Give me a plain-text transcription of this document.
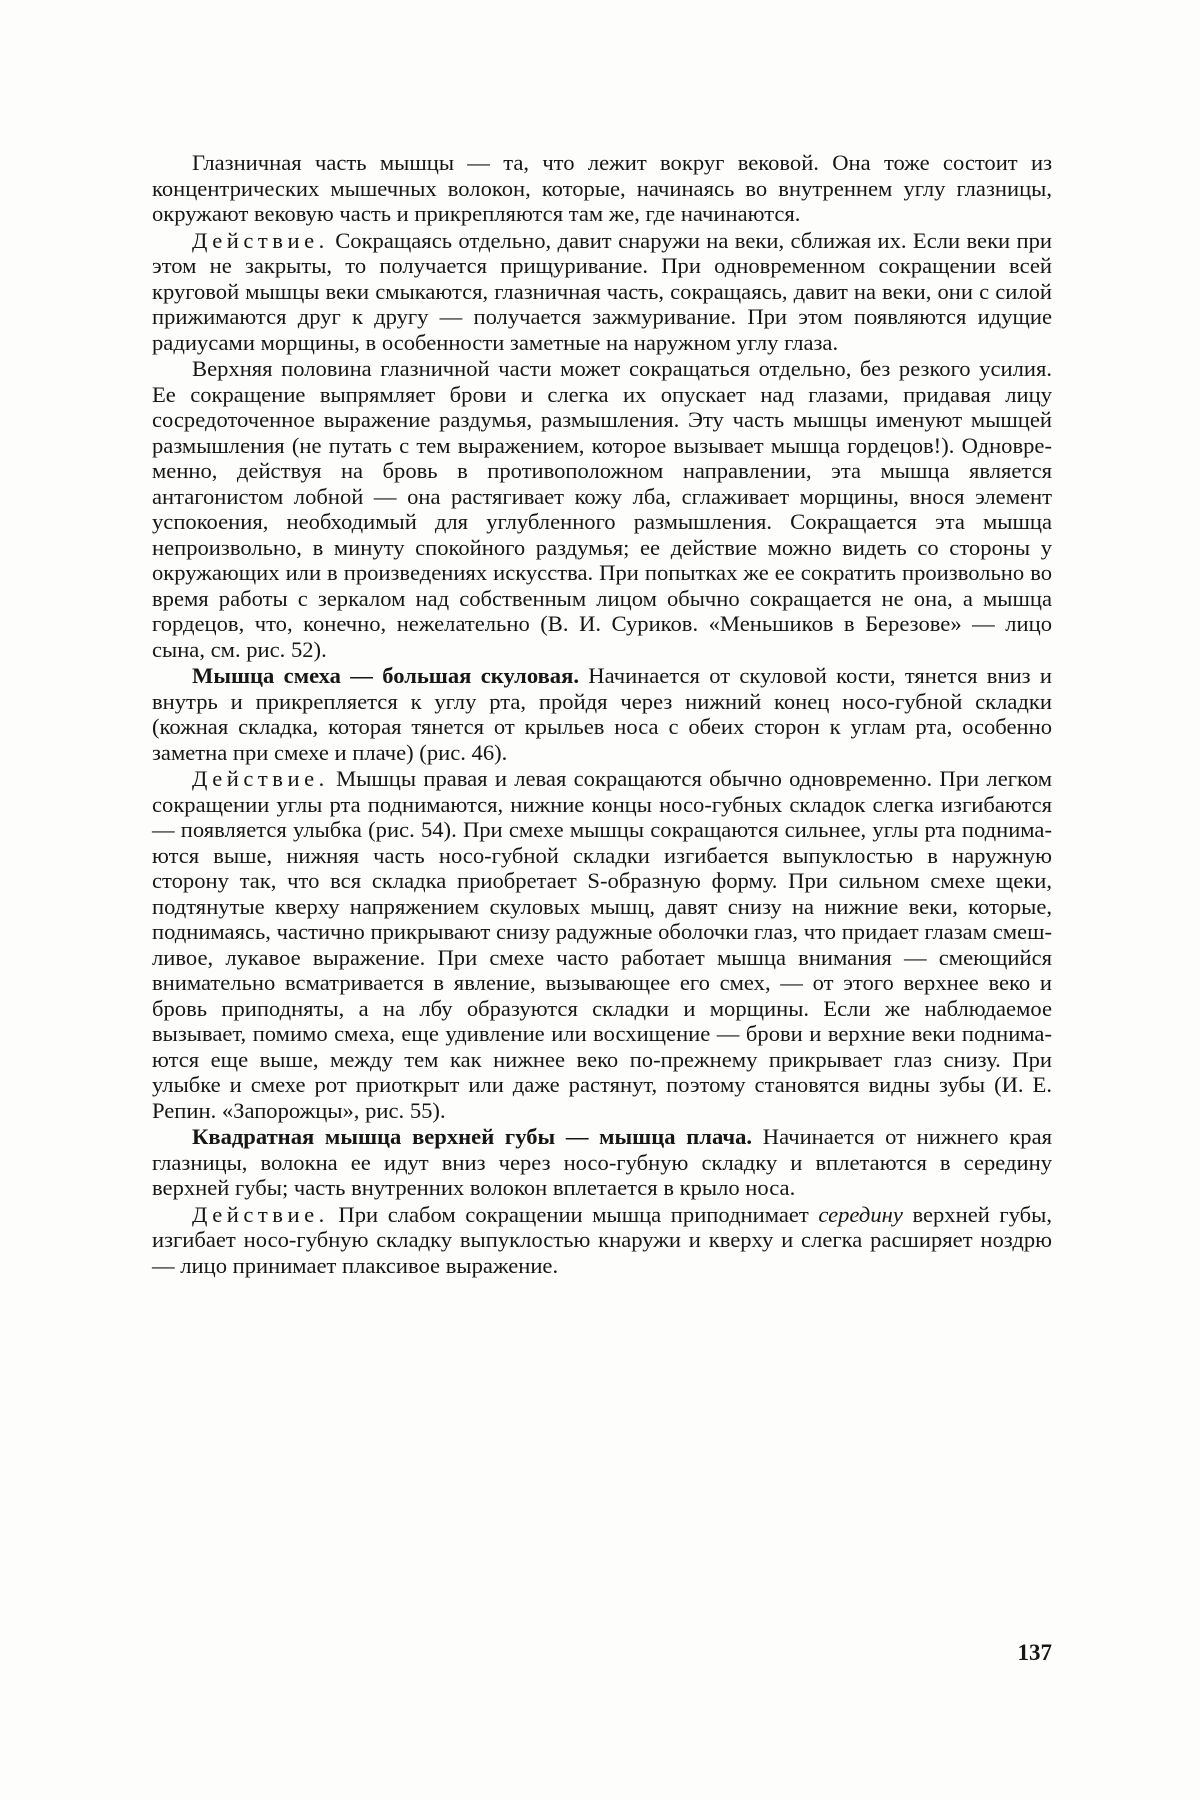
Глазничная часть мышцы — та, что лежит вокруг вековой. Она тоже состоит из концентрических мышечных волокон, которые, начинаясь во внутреннем углу глазницы, окружают вековую часть и прикрепляются там же, где начинаются.

Действие. Сокращаясь отдельно, давит снаружи на веки, сближая их. Если веки при этом не закрыты, то получается прищуривание. При одновременном сокращении всей круговой мышцы веки смыкаются, глазничная часть, сокращаясь, давит на веки, они с силой прижимаются друг к другу — получается зажмуривание. При этом появляются идущие радиусами морщины, в особенности заметные на наружном углу глаза.

Верхняя половина глазничной части может сокращаться отдельно, без резкого усилия. Ее сокращение выпрямляет брови и слегка их опускает над глазами, придавая лицу сосредоточенное выражение раздумья, размышления. Эту часть мышцы именуют мышцей размышления (не путать с тем выражением, которое вызывает мышца гордецов!). Одновременно, действуя на бровь в противоположном направлении, эта мышца является антагонистом лобной — она растягивает кожу лба, сглаживает морщины, внося элемент успокоения, необходимый для углубленного размышления. Сокращается эта мышца непроизвольно, в минуту спокойного раздумья; ее действие можно видеть со стороны у окружающих или в произведениях искусства. При попытках же ее сократить произвольно во время работы с зеркалом над собственным лицом обычно сокращается не она, а мышца гордецов, что, конечно, нежелательно (В. И. Суриков. «Меньшиков в Березове» — лицо сына, см. рис. 52).

Мышца смеха — большая скуловая. Начинается от скуловой кости, тянется вниз и внутрь и прикрепляется к углу рта, пройдя через нижний конец носо-губной складки (кожная складка, которая тянется от крыльев носа с обеих сторон к углам рта, особенно заметна при смехе и плаче) (рис. 46).

Действие. Мышцы правая и левая сокращаются обычно одновременно. При легком сокращении углы рта поднимаются, нижние концы носо-губных складок слегка изгибаются — появляется улыбка (рис. 54). При смехе мышцы сокращаются сильнее, углы рта поднимаются выше, нижняя часть носо-губной складки изгибается выпуклостью в наружную сторону так, что вся складка приобретает S-образную форму. При сильном смехе щеки, подтянутые кверху напряжением скуловых мышц, давят снизу на нижние веки, которые, поднимаясь, частично прикрывают снизу радужные оболочки глаз, что придает глазам смешливое, лукавое выражение. При смехе часто работает мышца внимания — смеющийся внимательно всматривается в явление, вызывающее его смех, — от этого верхнее веко и бровь приподняты, а на лбу образуются складки и морщины. Если же наблюдаемое вызывает, помимо смеха, еще удивление или восхищение — брови и верхние веки поднимаются еще выше, между тем как нижнее веко по-прежнему прикрывает глаз снизу. При улыбке и смехе рот приоткрыт или даже растянут, поэтому становятся видны зубы (И. Е. Репин. «Запорожцы», рис. 55).

Квадратная мышца верхней губы — мышца плача. Начинается от нижнего края глазницы, волокна ее идут вниз через носо-губную складку и вплетаются в середину верхней губы; часть внутренних волокон вплетается в крыло носа.

Действие. При слабом сокращении мышца приподнимает середину верхней губы, изгибает носо-губную складку выпуклостью кнаружи и кверху и слегка расширяет ноздрю — лицо принимает плаксивое выражение.

137
